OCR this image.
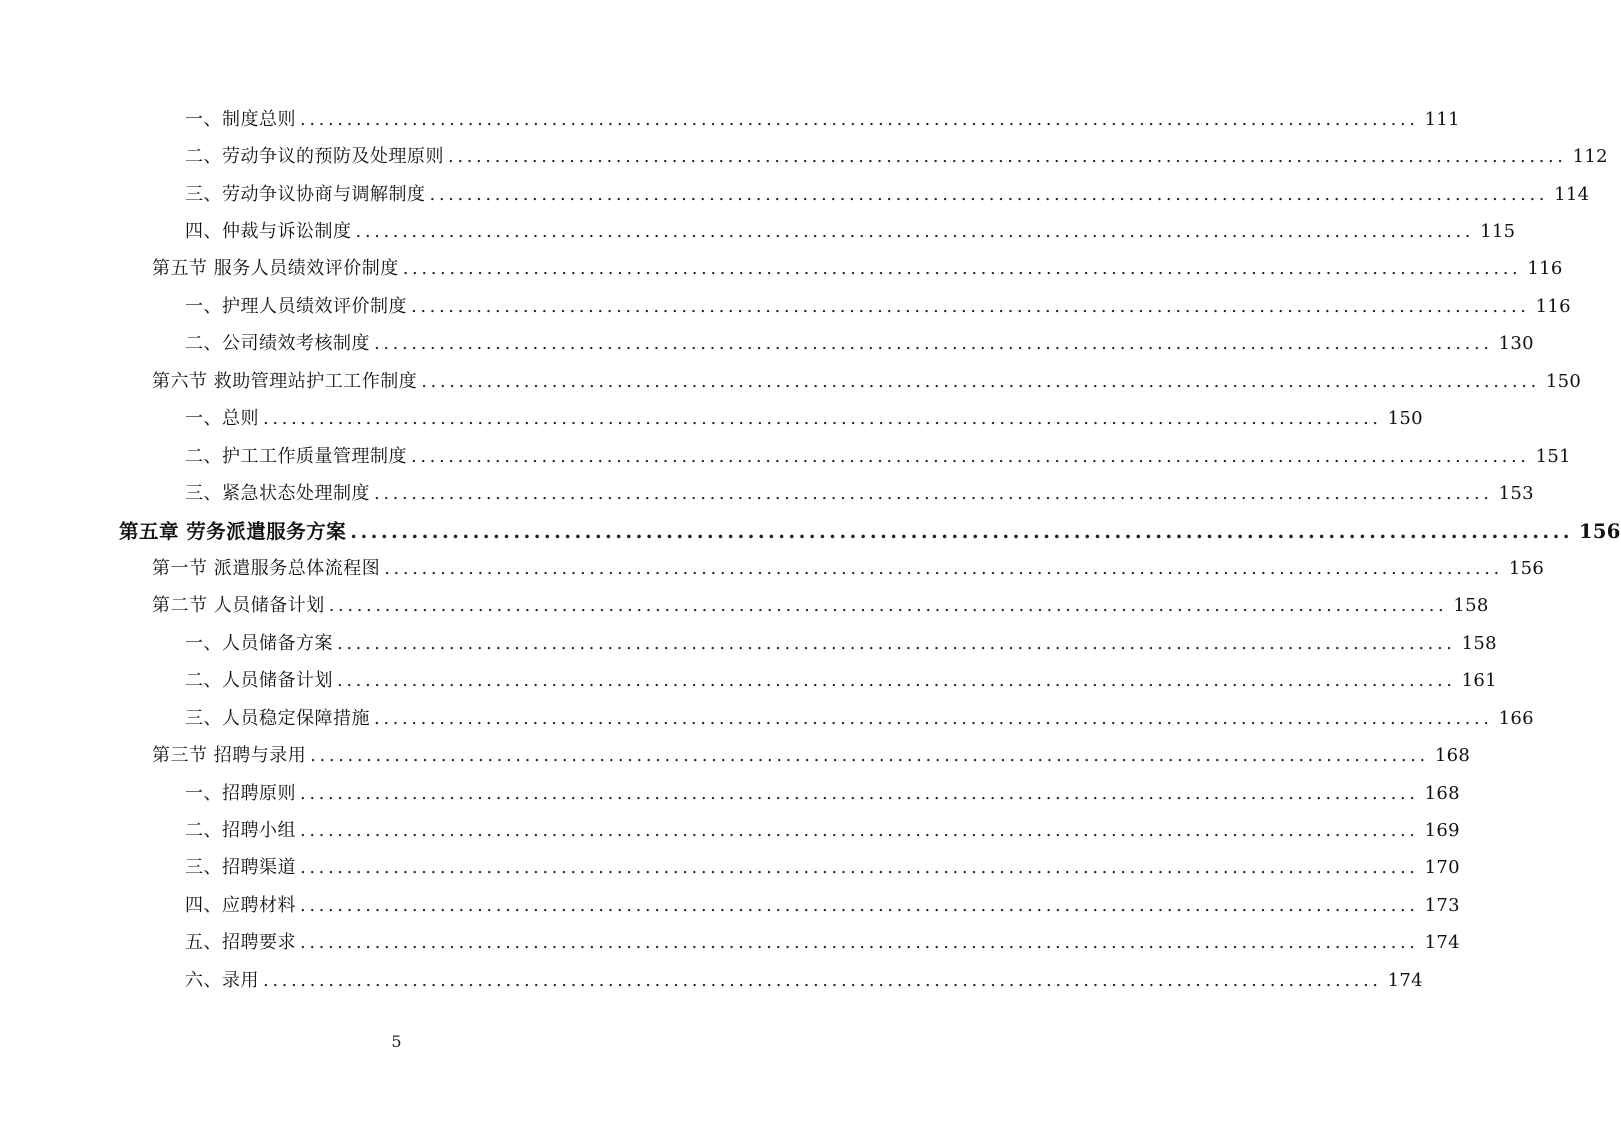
一、制度总则 ........................................................................................................................ 111
二、劳动争议的预防及处理原则 ........................................................................................................................ 112
三、劳动争议协商与调解制度 ........................................................................................................................ 114
四、仲裁与诉讼制度 ........................................................................................................................ 115
第五节 服务人员绩效评价制度 ........................................................................................................................ 116
一、护理人员绩效评价制度 ........................................................................................................................ 116
二、公司绩效考核制度 ........................................................................................................................ 130
第六节 救助管理站护工工作制度 ........................................................................................................................ 150
一、总则 ........................................................................................................................ 150
二、护工工作质量管理制度 ........................................................................................................................ 151
三、紧急状态处理制度 ........................................................................................................................ 153
第五章 劳务派遣服务方案 ........................................................................................................................ 156
第一节 派遣服务总体流程图 ........................................................................................................................ 156
第二节 人员储备计划 ........................................................................................................................ 158
一、人员储备方案 ........................................................................................................................ 158
二、人员储备计划 ........................................................................................................................ 161
三、人员稳定保障措施 ........................................................................................................................ 166
第三节 招聘与录用 ........................................................................................................................ 168
一、招聘原则 ........................................................................................................................ 168
二、招聘小组 ........................................................................................................................ 169
三、招聘渠道 ........................................................................................................................ 170
四、应聘材料 ........................................................................................................................ 173
五、招聘要求 ........................................................................................................................ 174
六、录用 ........................................................................................................................ 174
5
